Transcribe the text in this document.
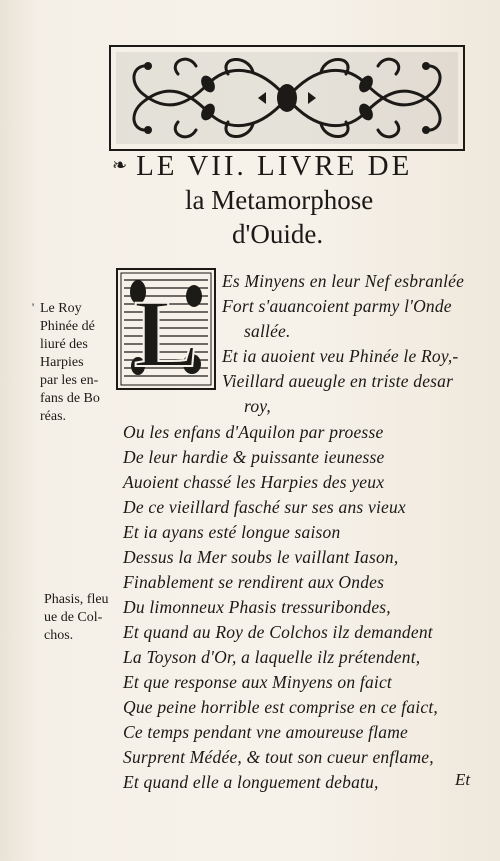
❧ LE VII. LIVRE DE
la Metamorphose
d'Ouide.
L
' Le Roy
Phinée dé
liuré des
Harpies
par les en-
fans de Bo
réas.
Phasis, fleu
ue de Col-
chos.
Es Minyens en leur Nef esbranlée
Fort s'auancoient parmy l'Onde
sallée.
Et ia auoient veu Phinée le Roy,-
Vieillard aueugle en triste desar
roy,
Ou les enfans d'Aquilon par proesse
De leur hardie & puissante ieunesse
Auoient chassé les Harpies des yeux
De ce vieillard fasché sur ses ans vieux
Et ia ayans esté longue saison
Dessus la Mer soubs le vaillant Iason,
Finablement se rendirent aux Ondes
Du limonneux Phasis tressuribondes,
Et quand au Roy de Colchos ilz demandent
La Toyson d'Or, a laquelle ilz prétendent,
Et que response aux Minyens on faict
Que peine horrible est comprise en ce faict,
Ce temps pendant vne amoureuse flame
Surprent Médée, & tout son cueur enflame,
Et quand elle a longuement debatu,	Et
